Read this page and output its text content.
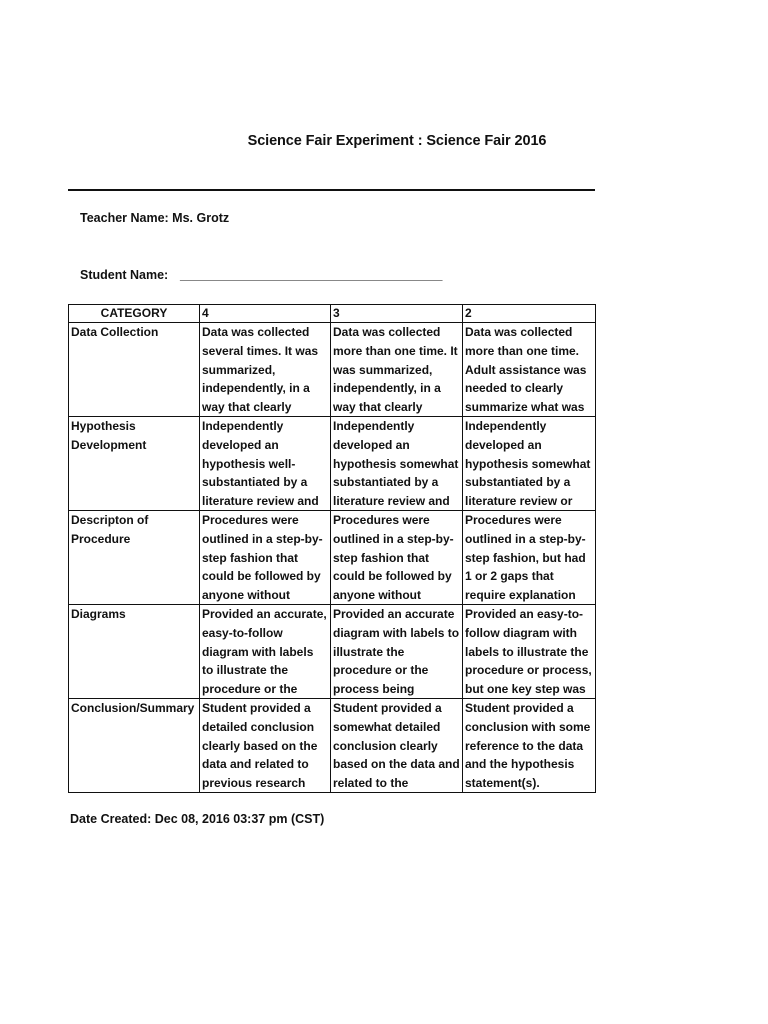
Science Fair Experiment : Science Fair 2016
Teacher Name: Ms. Grotz
Student Name: ________________________________________
CATEGORY	4	3	2

Data Collection	Data was collected several times. It was summarized, independently, in a way that clearly	Data was collected more than one time. It was summarized, independently, in a way that clearly	Data was collected more than one time. Adult assistance was needed to clearly summarize what was

Hypothesis Development	Independently developed an hypothesis well-substantiated by a literature review and	Independently developed an hypothesis somewhat substantiated by a literature review and	Independently developed an hypothesis somewhat substantiated by a literature review or

Descripton of Procedure	Procedures were outlined in a step-by-step fashion that could be followed by anyone without	Procedures were outlined in a step-by-step fashion that could be followed by anyone without	Procedures were outlined in a step-by-step fashion, but had 1 or 2 gaps that require explanation

Diagrams	Provided an accurate, easy-to-follow diagram with labels to illustrate the procedure or the	Provided an accurate diagram with labels to illustrate the procedure or the process being	Provided an easy-to-follow diagram with labels to illustrate the procedure or process, but one key step was

Conclusion/Summary	Student provided a detailed conclusion clearly based on the data and related to previous research	Student provided a somewhat detailed conclusion clearly based on the data and related to the	Student provided a conclusion with some reference to the data and the hypothesis statement(s).
Date Created: Dec 08, 2016 03:37 pm (CST)
